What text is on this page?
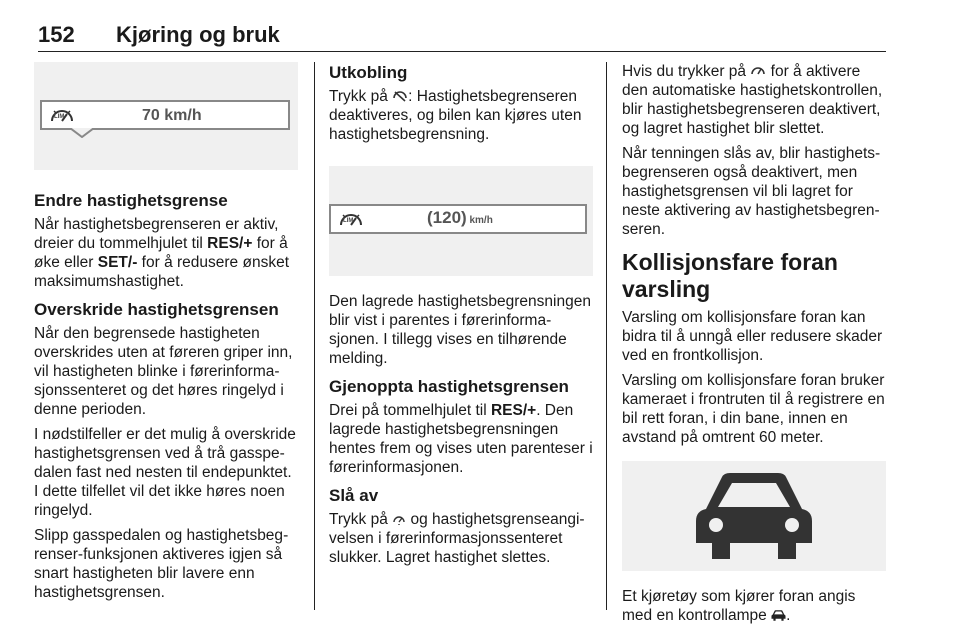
152 Kjøring og bruk
LIM	70 km/h
Endre hastighetsgrense

Når hastighetsbegrenseren er aktiv, dreier du tommelhjulet til RES/+ for å øke eller SET/- for å redusere ønsket maksimumshastighet.

Overskride hastighetsgrensen

Når den begrensede hastigheten overskrides uten at føreren griper inn, vil hastigheten blinke i førerinformasjonssenteret og det høres ringelyd i denne perioden.

I nødstilfeller er det mulig å overskride hastighetsgrensen ved å trå gasspedalen fast ned nesten til endepunktet. I dette tilfellet vil det ikke høres noen ringelyd.

Slipp gasspedalen og hastighetsbegrenser-funksjonen aktiveres igjen så snart hastigheten blir lavere enn hastighetsgrensen.

Utkobling

Trykk på : Hastighetsbegrenseren deaktiveres, og bilen kan kjøres uten hastighetsbegrensning.

LIM	(120) km/h

Den lagrede hastighetsbegrensningen blir vist i parentes i førerinformasjonen. I tillegg vises en tilhørende melding.

Gjenoppta hastighetsgrensen

Drei på tommelhjulet til RES/+. Den lagrede hastighetsbegrensningen hentes frem og vises uten parenteser i førerinformasjonen.

Slå av

Trykk på  og hastighetsgrenseangivelsen i førerinformasjonssenteret slukker. Lagret hastighet slettes.

Hvis du trykker på  for å aktivere den automatiske hastighetskontrollen, blir hastighetsbegrenseren deaktivert, og lagret hastighet blir slettet.

Når tenningen slås av, blir hastighetsbegrenseren også deaktivert, men hastighetsgrensen vil bli lagret for neste aktivering av hastighetsbegrenseren.

Kollisjonsfare foran varsling

Varsling om kollisjonsfare foran kan bidra til å unngå eller redusere skader ved en frontkollisjon.

Varsling om kollisjonsfare foran bruker kameraet i frontruten til å registrere en bil rett foran, i din bane, innen en avstand på omtrent 60 meter.

Et kjøretøy som kjører foran angis med en kontrollampe .
